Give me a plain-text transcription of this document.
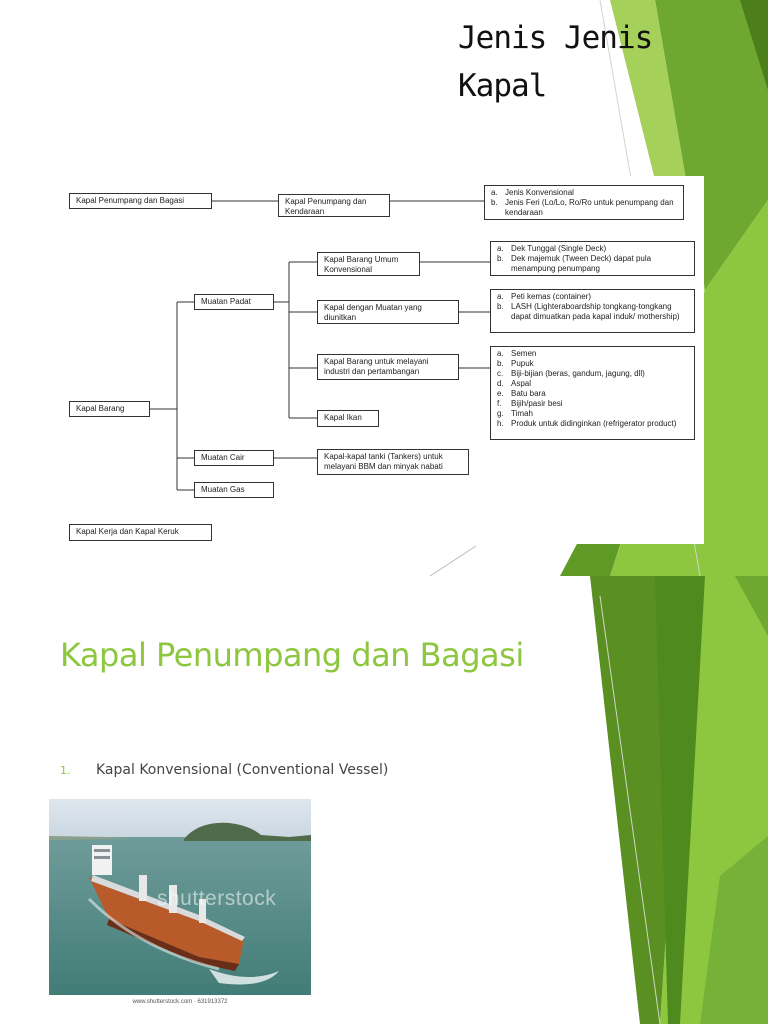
Jenis Jenis Kapal
Kapal Penumpang dan Bagasi	Kapal Penumpang dan Kendaraan
a. Jenis Konvensional
b. Jenis Feri (Lo/Lo, Ro/Ro untuk penumpang dan kendaraan
Kapal Barang Umum Konvensional
a. Dek Tunggal (Single Deck)
b. Dek majemuk (Tween Deck) dapat pula menampung penumpang
Muatan Padat
Kapal dengan Muatan yang diunitkan
a. Peti kemas (container)
b. LASH (Lighteraboardship tongkang-tongkang dapat dimuatkan pada kapal induk/ mothership)
Kapal Barang untuk melayani industri dan pertambangan
a. Semen
b. Pupuk
c. Biji-bijian (beras, gandum, jagung, dll)
d. Aspal
e. Batu bara
f.	Bijih/pasir besi
g. Timah
h. Produk untuk didinginkan (refrigerator product)
Kapal Barang
Kapal Ikan
Muatan Cair	Kapal-kapal tanki (Tankers) untuk melayani BBM dan minyak nabati
Muatan Gas
Kapal Kerja dan Kapal Keruk
Kapal Penumpang dan Bagasi
1. Kapal Konvensional (Conventional Vessel)
shutterstock
www.shutterstock.com · 631913372
